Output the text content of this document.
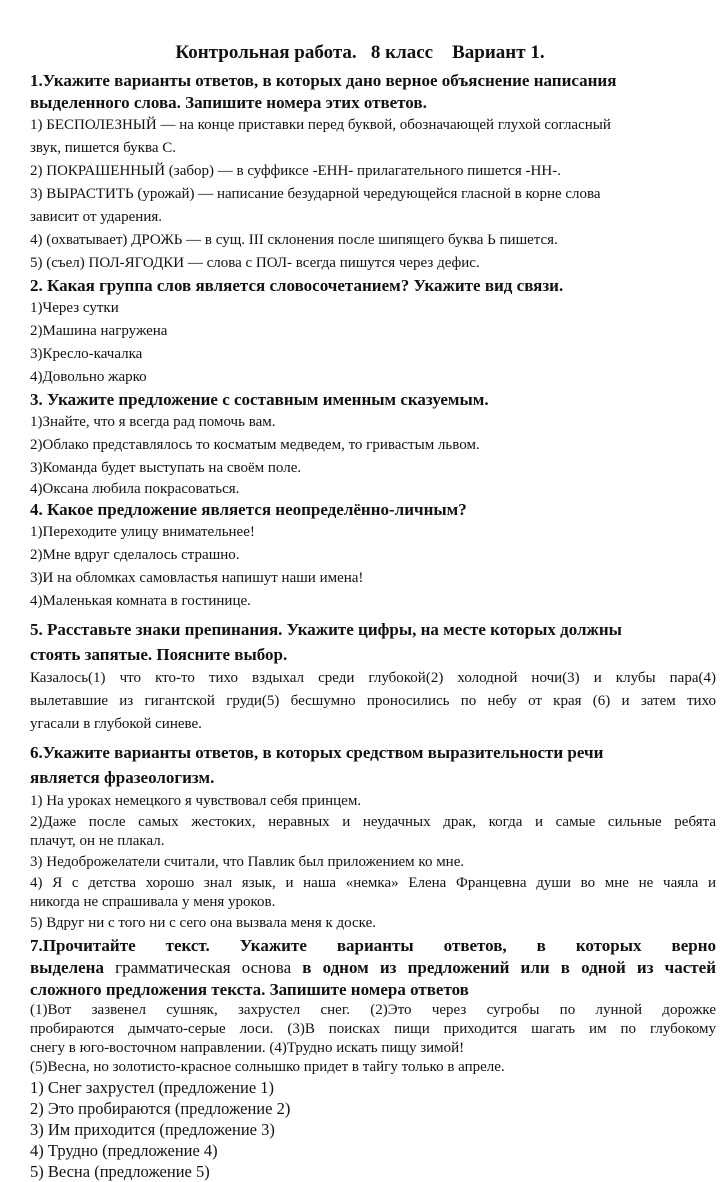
Контрольная работа.   8 класс    Вариант 1.
1.Укажите варианты ответов, в которых дано верное объяснение написания
выделенного слова. Запишите номера этих ответов.
1) БЕСПОЛЕЗНЫЙ — на конце приставки перед буквой, обозначающей глухой согласный
звук, пишется буква С.
2) ПОКРАШЕННЫЙ (забор) — в суффиксе -ЕНН- прилагательного пишется -НН-.
3) ВЫРАСТИТЬ (урожай) — написание безударной чередующейся гласной в корне слова
зависит от ударения.
4) (охватывает) ДРОЖЬ — в сущ. III склонения после шипящего буква Ь пишется.
5) (съел) ПОЛ-ЯГОДКИ — слова с ПОЛ- всегда пишутся через дефис.
2. Какая группа слов является словосочетанием? Укажите вид связи.
1)Через сутки
2)Машина нагружена
3)Кресло-качалка
4)Довольно жарко
3. Укажите предложение с составным именным сказуемым.
1)Знайте, что я всегда рад помочь вам.
2)Облако представлялось то косматым медведем, то гривастым львом.
3)Команда будет выступать на своём поле.
4)Оксана любила покрасоваться.
4. Какое предложение является неопределённо-личным?
1)Переходите улицу внимательнее!
2)Мне вдруг сделалось страшно.
3)И на обломках самовластья напишут наши имена!
4)Маленькая комната в гостинице.
5. Расставьте знаки препинания. Укажите цифры, на месте которых должны
стоять запятые. Поясните выбор.
Казалось(1) что кто-то тихо вздыхал среди глубокой(2) холодной ночи(3) и клубы пара(4)
вылетавшие из гигантской груди(5) бесшумно проносились по небу от края (6) и затем тихо
угасали в глубокой синеве.
6.Укажите варианты ответов, в которых средством выразительности речи
является фразеологизм.
1) На уроках немецкого я чувствовал себя принцем.
2)Даже после самых жестоких, неравных и неудачных драк, когда и самые сильные ребята
плачут, он не плакал.
3) Недоброжелатели считали, что Павлик был приложением ко мне.
4) Я с детства хорошо знал язык, и наша «немка» Елена Францевна души во мне не чаяла и
никогда не спрашивала у меня уроков.
5) Вдруг ни с того ни с сего она вызвала меня к доске.
7.Прочитайте текст. Укажите варианты ответов, в которых верно
выделена грамматическая основа в одном из предложений или в одной из частей
сложного предложения текста. Запишите номера ответов
(1)Вот зазвенел сушняк, захрустел снег. (2)Это через сугробы по лунной дорожке
пробираются дымчато-серые лоси. (3)В поисках пищи приходится шагать им по глубокому
снегу в юго-восточном направлении. (4)Трудно искать пищу зимой!
(5)Весна, но золотисто-красное солнышко придет в тайгу только в апреле.
1) Снег захрустел (предложение 1)
2) Это пробираются (предложение 2)
3) Им приходится (предложение 3)
4) Трудно (предложение 4)
5) Весна (предложение 5)
